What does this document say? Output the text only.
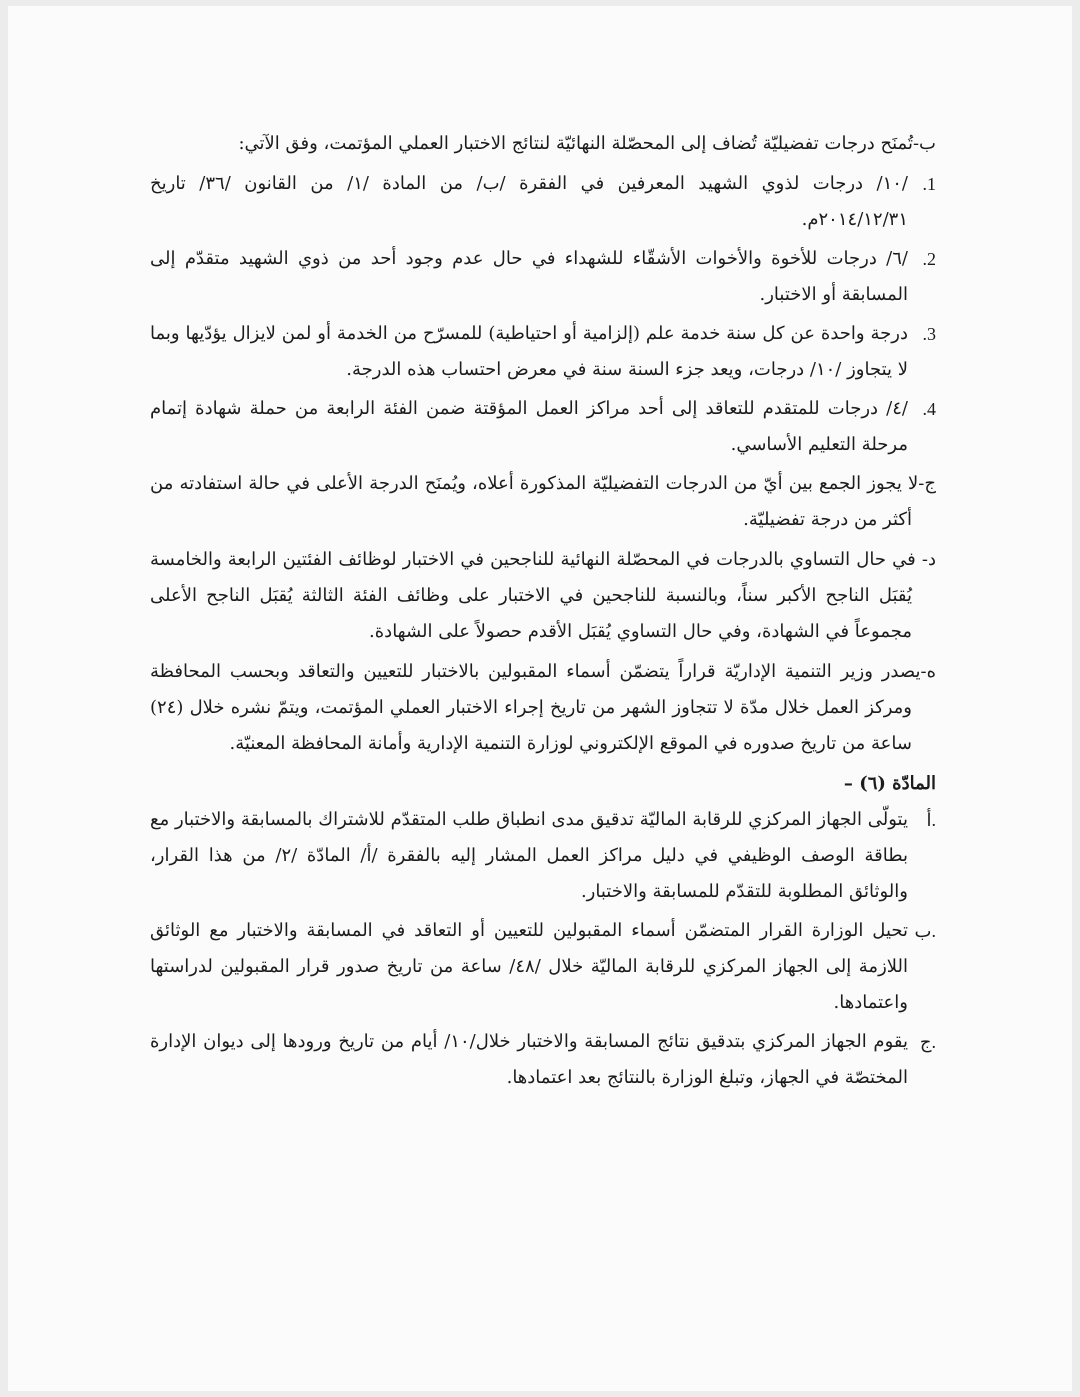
ب-تُمنَح درجات تفضيليّة تُضاف إلى المحصّلة النهائيّة لنتائج الاختبار العملي المؤتمت، وفق الآتي:

.1
/١٠/ درجات لذوي الشهيد المعرفين في الفقرة /ب/ من المادة /١/ من القانون /٣٦/ تاريخ ٢٠١٤/١٢/٣١م.
.2
/٦/ درجات للأخوة والأخوات الأشقّاء للشهداء في حال عدم وجود أحد من ذوي الشهيد متقدّم إلى المسابقة أو الاختبار.
.3
درجة واحدة عن كل سنة خدمة علم (إلزامية أو احتياطية) للمسرّح من الخدمة أو لمن لايزال يؤدّيها وبما لا يتجاوز /١٠/ درجات، ويعد جزء السنة سنة في معرض احتساب هذه الدرجة.
.4
/٤/ درجات للمتقدم للتعاقد إلى أحد مراكز العمل المؤقتة ضمن الفئة الرابعة من حملة شهادة إتمام مرحلة التعليم الأساسي.

ج-لا يجوز الجمع بين أيّ من الدرجات التفضيليّة المذكورة أعلاه، ويُمنَح الدرجة الأعلى في حالة استفادته من أكثر من درجة تفضيليّة.

د- في حال التساوي بالدرجات في المحصّلة النهائية للناجحين في الاختبار لوظائف الفئتين الرابعة والخامسة يُقبَل الناجح الأكبر سناً، وبالنسبة للناجحين في الاختبار على وظائف الفئة الثالثة يُقبَل الناجح الأعلى مجموعاً في الشهادة، وفي حال التساوي يُقبَل الأقدم حصولاً على الشهادة.

ه-يصدر وزير التنمية الإداريّة قراراً يتضمّن أسماء المقبولين بالاختبار للتعيين والتعاقد وبحسب المحافظة ومركز العمل خلال مدّة لا تتجاوز الشهر من تاريخ إجراء الاختبار العملي المؤتمت، ويتمّ نشره خلال (٢٤) ساعة من تاريخ صدوره في الموقع الإلكتروني لوزارة التنمية الإدارية وأمانة المحافظة المعنيّة.

المادّة (٦) –

أ.
يتولّى الجهاز المركزي للرقابة الماليّة تدقيق مدى انطباق طلب المتقدّم للاشتراك بالمسابقة والاختبار مع بطاقة الوصف الوظيفي في دليل مراكز العمل المشار إليه بالفقرة /أ/ المادّة /٢/ من هذا القرار، والوثائق المطلوبة للتقدّم للمسابقة والاختبار.
ب.
تحيل الوزارة القرار المتضمّن أسماء المقبولين للتعيين أو التعاقد في المسابقة والاختبار مع الوثائق اللازمة إلى الجهاز المركزي للرقابة الماليّة خلال /٤٨/ ساعة من تاريخ صدور قرار المقبولين لدراستها واعتمادها.
ج.
يقوم الجهاز المركزي بتدقيق نتائج المسابقة والاختبار خلال/١٠/ أيام من تاريخ ورودها إلى ديوان الإدارة المختصّة في الجهاز، وتبلغ الوزارة بالنتائج بعد اعتمادها.
